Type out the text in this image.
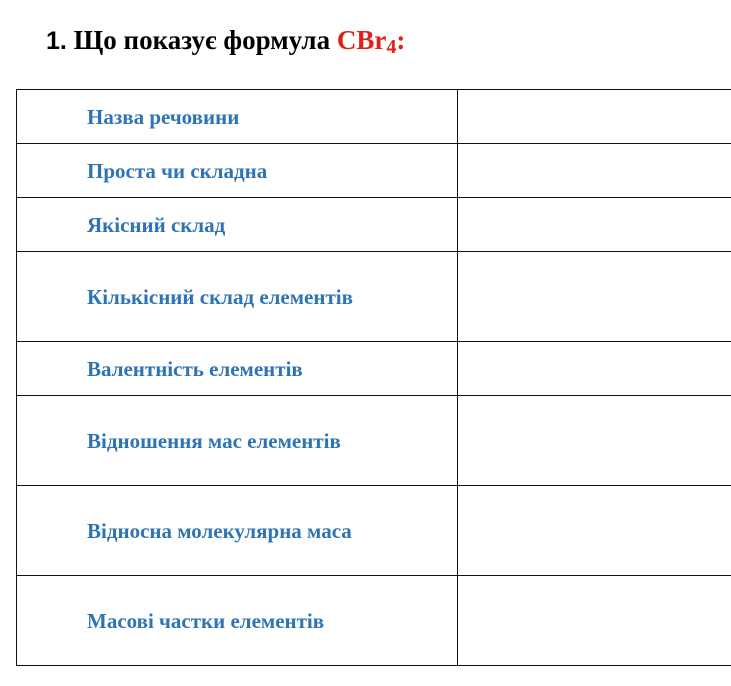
1. Що показує формула CBr$_4$:
Назва речовини	
Проста чи складна	
Якісний склад	
Кількісний склад елементів	
Валентність елементів	
Відношення мас елементів	
Відносна молекулярна маса	
Масові частки елементів	
